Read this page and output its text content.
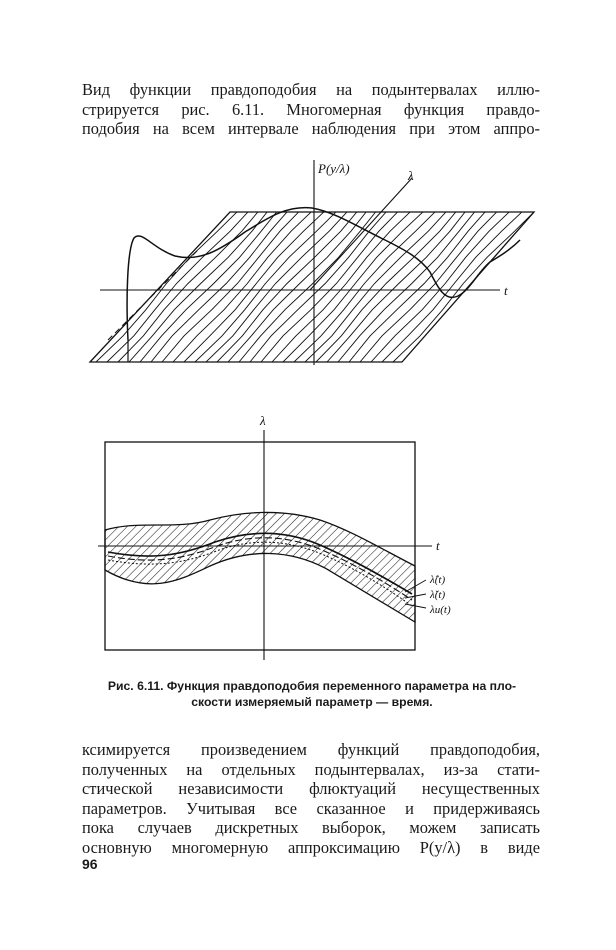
Вид функции правдоподобия на подынтервалах иллю-
стрируется рис. 6.11. Многомерная функция правдо-
подобия на всем интервале наблюдения при этом аппро-
P(y/λ)	λ
t
λ
t
λ̂(t)
λ̌(t)
λи(t)
Рис. 6.11. Функция правдоподобия переменного параметра на пло-
скости измеряемый параметр — время.
ксимируется произведением функций правдоподобия,
полученных на отдельных подынтервалах, из-за стати-
стической независимости флюктуаций несущественных
параметров. Учитывая все сказанное и придерживаясь
пока случаев дискретных выборок, можем записать
основную многомерную аппроксимацию P(y/λ) в виде
96
